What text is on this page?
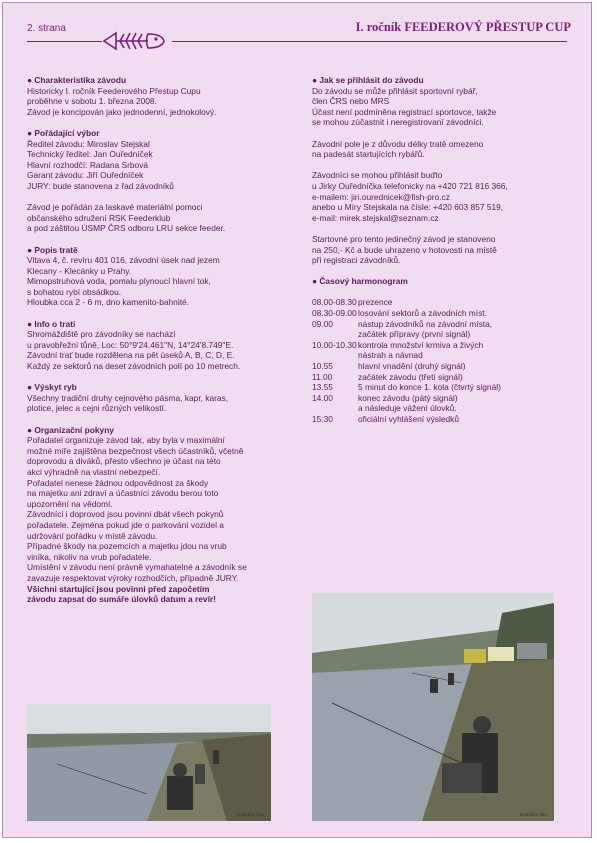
2. strana	I. ročník FEEDEROVÝ PŘESTUP CUP
● Charakteristika závodu
Historicky I. ročník Feederového Přestup Cupu
proběhne v sobotu 1. března 2008.
Závod je koncipován jako jednodenní, jednokolový.
● Pořádající výbor
Ředitel závodu: Miroslav Stejskal
Technický ředitel: Jan Ouředníček
Hlavní rozhodčí: Radana Srbová
Garant závodu: Jiří Ouředníček
JURY: bude stanovena z řad závodníků
Závod je pořádán za laskavé materiální pomoci
občanského sdružení RSK Feederklub
a pod záštitou ÚSMP ČRS odboru LRU sekce feeder.
● Popis tratě
Vltava 4, č. revíru 401 016, závodní úsek nad jezem
Klecany - Klecánky u Prahy.
Mimopstruhová voda, pomalu plynoucí hlavní tok,
s bohatou rybí obsádkou.
Hloubka cca 2 - 6 m, dno kamenito-bahnité.
● Info o trati
Shromáždiště pro závodníky se nachází
u pravobřežní tůně, Loc: 50°9'24.461"N, 14°24'8.749"E.
Závodní trať bude rozdělena na pět úseků A, B, C, D, E.
Každý ze sektorů na deset závodních polí po 10 metrech.
● Výskyt ryb
Všechny tradiční druhy cejnového pásma, kapr, karas,
plotice, jelec a cejni různých velikostí.
● Organizační pokyny
Pořadatel organizuje závod tak, aby byla v maximální
možné míře zajištěna bezpečnost všech účastníků, včetně
doprovodu a diváků, přesto všechno je účast na této
akci výhradně na vlastní nebezpečí.
Pořadatel nenese žádnou odpovědnost za škody
na majetku ani zdraví a účastníci závodu berou toto
upozornění na vědomí.
Závodníci i doprovod jsou povinni dbát všech pokynů
pořadatele. Zejména pokud jde o parkování vozidel a
udržování pořádku v místě závodu.
Případné škody na pozemcích a majetku jdou na vrub
viníka, nikoliv na vrub pořadatele.
Umístění v závodu není právně vymahatelné a závodník se
zavazuje respektovat výroky rozhodčích, případně JURY.
Všichni startující jsou povinni před započetím
závodu zapsat do sumáře úlovků datum a revír!
● Jak se přihlásit do závodu
Do závodu se může přihlásit sportovní rybář,
člen ČRS nebo MRS
Účast není podmíněna registrací sportovce, takže
se mohou zúčastnit i neregistrovaní závodníci.
Závodní pole je z důvodu délky tratě omezeno
na padesát startujících rybářů.
Závodníci se mohou přihlásit buďto
u Jirky Ouředníčka telefonicky na +420 721 816 366,
e-mailem: jiri.ourednicek@fish-pro.cz
anebo u Míry Stejskala na čísle: +420 603 857 519,
e-mail: mirek.stejskal@seznam.cz
Startovné pro tento jedinečný závod je stanoveno
na 250,- Kč a bude uhrazeno v hotovosti na místě
při registraci závodníků.
● Časový harmonogram
08.00-08.30 prezence
08.30-09.00 losování sektorů a závodních míst.
09.00	nástup závodníků na závodní místa,
začátek přípravy (první signál)
10.00-10.30 kontrola množství krmiva a živých
nástrah a návnad
10.55	hlavní vnadění (druhý signál)
11.00	začátek závodu (třetí signál)
13.55	5 minut do konce 1. kola (čtvrtý signál)
14.00	konec závodu (pátý signál)
a následuje vážení úlovků.
15:30	oficiální vyhlášení výsledků
Ilustrační foto	Ilustrační foto
